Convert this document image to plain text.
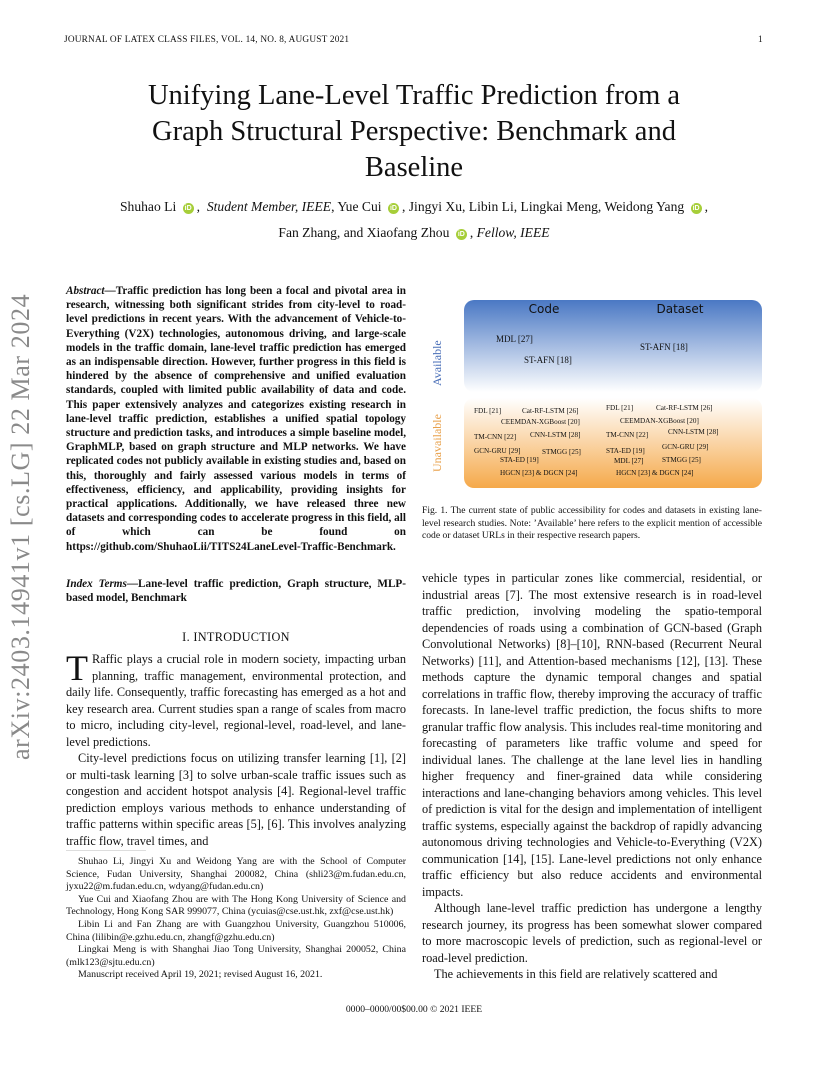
JOURNAL OF LATEX CLASS FILES, VOL. 14, NO. 8, AUGUST 2021	1
arXiv:2403.14941v1 [cs.LG] 22 Mar 2024
Unifying Lane-Level Traffic Prediction from a
Graph Structural Perspective: Benchmark and
Baseline
Shuhao Li iD ,  Student Member, IEEE, Yue Cui iD , Jingyi Xu, Libin Li, Lingkai Meng, Weidong Yang iD ,
Fan Zhang, and Xiaofang Zhou iD , Fellow, IEEE
Abstract—Traffic prediction has long been a focal and pivotal area in research, witnessing both significant strides from city-level to road-level predictions in recent years. With the advancement of Vehicle-to-Everything (V2X) technologies, autonomous driving, and large-scale models in the traffic domain, lane-level traffic prediction has emerged as an indispensable direction. However, further progress in this field is hindered by the absence of comprehensive and unified evaluation standards, coupled with limited public availability of data and code. This paper extensively analyzes and categorizes existing research in lane-level traffic prediction, establishes a unified spatial topology structure and prediction tasks, and introduces a simple baseline model, GraphMLP, based on graph structure and MLP networks. We have replicated codes not publicly available in existing studies and, based on this, thoroughly and fairly assessed various models in terms of effectiveness, efficiency, and applicability, providing insights for practical applications. Additionally, we have released three new datasets and corresponding codes to accelerate progress in this field, all of which can be found on https://github.com/ShuhaoLii/TITS24LaneLevel-Traffic-Benchmark.
Index Terms—Lane-level traffic prediction, Graph structure, MLP-based model, Benchmark
I. INTRODUCTION

T Raffic plays a crucial role in modern society, impacting urban planning, traffic management, environmental protection, and daily life. Consequently, traffic forecasting has emerged as a hot and key research area. Current studies span a range of scales from macro to micro, including city-level, regional-level, road-level, and lane-level predictions.

City-level predictions focus on utilizing transfer learning [1], [2] or multi-task learning [3] to solve urban-scale traffic issues such as congestion and accident hotspot analysis [4]. Regional-level traffic prediction employs various methods to enhance understanding of traffic patterns within specific areas [5], [6]. This involves analyzing traffic flow, travel times, and

Shuhao Li, Jingyi Xu and Weidong Yang are with the School of Computer Science, Fudan University, Shanghai 200082, China (shli23@m.fudan.edu.cn, jyxu22@m.fudan.edu.cn, wdyang@fudan.edu.cn)

Yue Cui and Xiaofang Zhou are with The Hong Kong University of Science and Technology, Hong Kong SAR 999077, China (ycuias@cse.ust.hk, zxf@cse.ust.hk)

Libin Li and Fan Zhang are with Guangzhou University, Guangzhou 510006, China (lilibin@e.gzhu.edu.cn, zhangf@gzhu.edu.cn)

Lingkai Meng is with Shanghai Jiao Tong University, Shanghai 200052, China (mlk123@sjtu.edu.cn)

Manuscript received April 19, 2021; revised August 16, 2021.

Available
Unavailable
Code
MDL [27]
ST-AFN [18]
FDL [21]	Cat-RF-LSTM [26]
CEEMDAN-XGBoost [20]
TM-CNN [22] CNN-LSTM [28]
GCN-GRU [29]	STMGG [25]
STA-ED [19]
HGCN [23] & DGCN [24]
Dataset
ST-AFN [18]
FDL [21]	Cat-RF-LSTM [26]
CEEMDAN-XGBoost [20]
TM-CNN [22]	CNN-LSTM [28]
GCN-GRU [29]
STA-ED [19]
MDL [27]	STMGG [25]
HGCN [23] & DGCN [24]
Fig. 1. The current state of public accessibility for codes and datasets in existing lane-level research studies. Note: ’Available’ here refers to the explicit mention of accessible code or dataset URLs in their respective research papers.

vehicle types in particular zones like commercial, residential, or industrial areas [7]. The most extensive research is in road-level traffic prediction, involving modeling the spatio-temporal dependencies of roads using a combination of GCN-based (Graph Convolutional Networks) [8]–[10], RNN-based (Recurrent Neural Networks) [11], and Attention-based mechanisms [12], [13]. These methods capture the dynamic temporal changes and spatial correlations in traffic flow, thereby improving the accuracy of traffic forecasts. In lane-level traffic prediction, the focus shifts to more granular traffic flow analysis. This includes real-time monitoring and forecasting of parameters like traffic volume and speed for individual lanes. The challenge at the lane level lies in handling higher frequency and finer-grained data while considering interactions and lane-changing behaviors among vehicles. This level of prediction is vital for the design and implementation of intelligent traffic systems, especially against the backdrop of rapidly advancing autonomous driving technologies and Vehicle-to-Everything (V2X) communication [14], [15]. Lane-level predictions not only enhance traffic efficiency but also reduce accidents and environmental impacts.

Although lane-level traffic prediction has undergone a lengthy research journey, its progress has been somewhat slower compared to more macroscopic levels of prediction, such as regional-level or road-level prediction.

The achievements in this field are relatively scattered and

0000–0000/00$00.00 © 2021 IEEE
